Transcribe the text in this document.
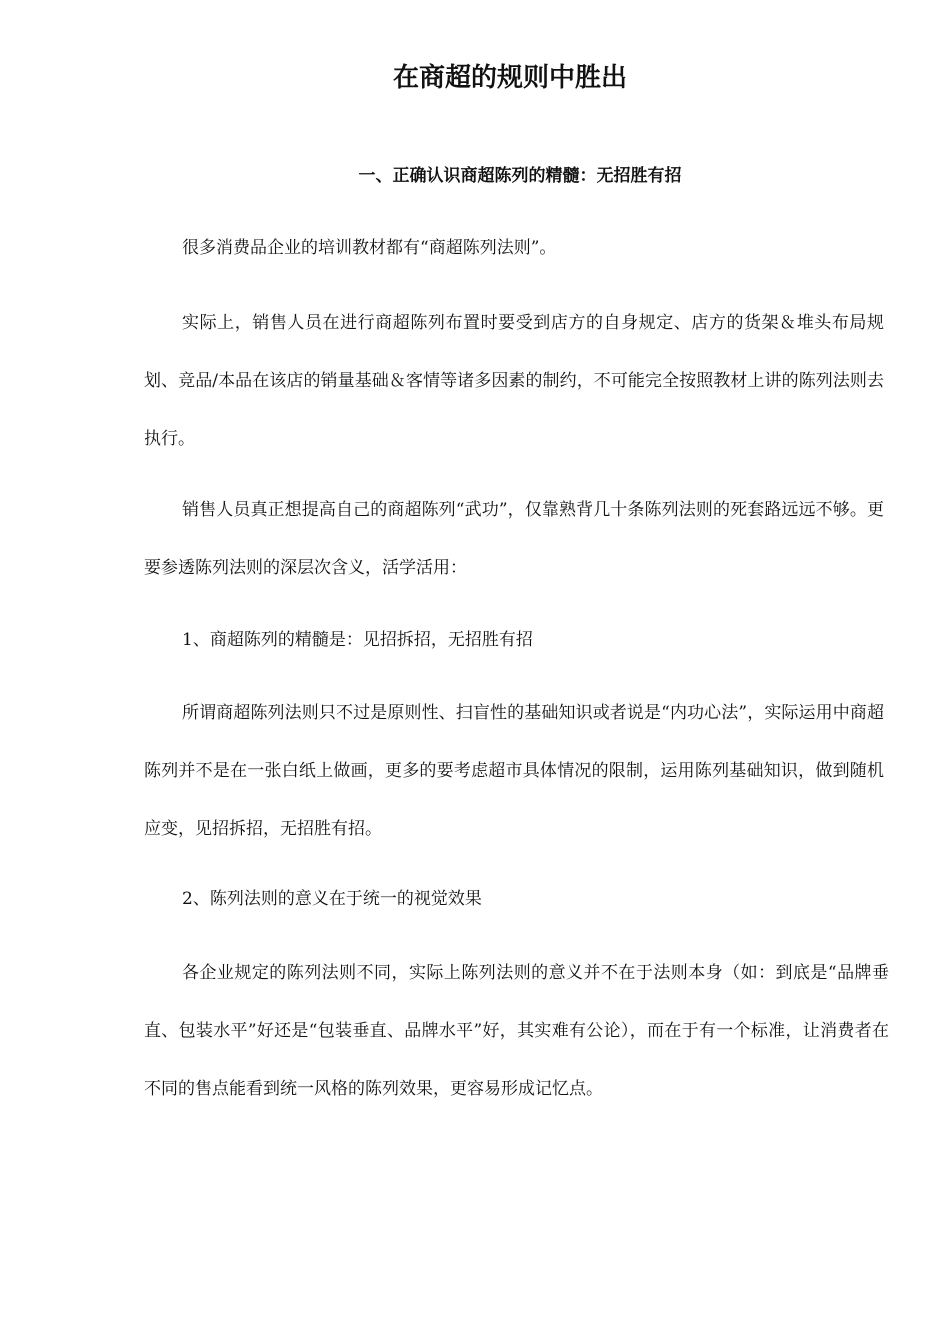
在商超的规则中胜出
一、正确认识商超陈列的精髓：无招胜有招

很多消费品企业的培训教材都有“商超陈列法则”。

实际上，销售人员在进行商超陈列布置时要受到店方的自身规定、店方的货架＆堆头布局规划、竞品/本品在该店的销量基础＆客情等诸多因素的制约，不可能完全按照教材上讲的陈列法则去执行。

销售人员真正想提高自己的商超陈列“武功”，仅靠熟背几十条陈列法则的死套路远远不够。更要参透陈列法则的深层次含义，活学活用：

1、商超陈列的精髓是：见招拆招，无招胜有招

所谓商超陈列法则只不过是原则性、扫盲性的基础知识或者说是“内功心法”，实际运用中商超陈列并不是在一张白纸上做画，更多的要考虑超市具体情况的限制，运用陈列基础知识，做到随机应变，见招拆招，无招胜有招。

2、陈列法则的意义在于统一的视觉效果

各企业规定的陈列法则不同，实际上陈列法则的意义并不在于法则本身（如：到底是“品牌垂直、包装水平”好还是“包装垂直、品牌水平”好，其实难有公论），而在于有一个标准，让消费者在不同的售点能看到统一风格的陈列效果，更容易形成记忆点。
